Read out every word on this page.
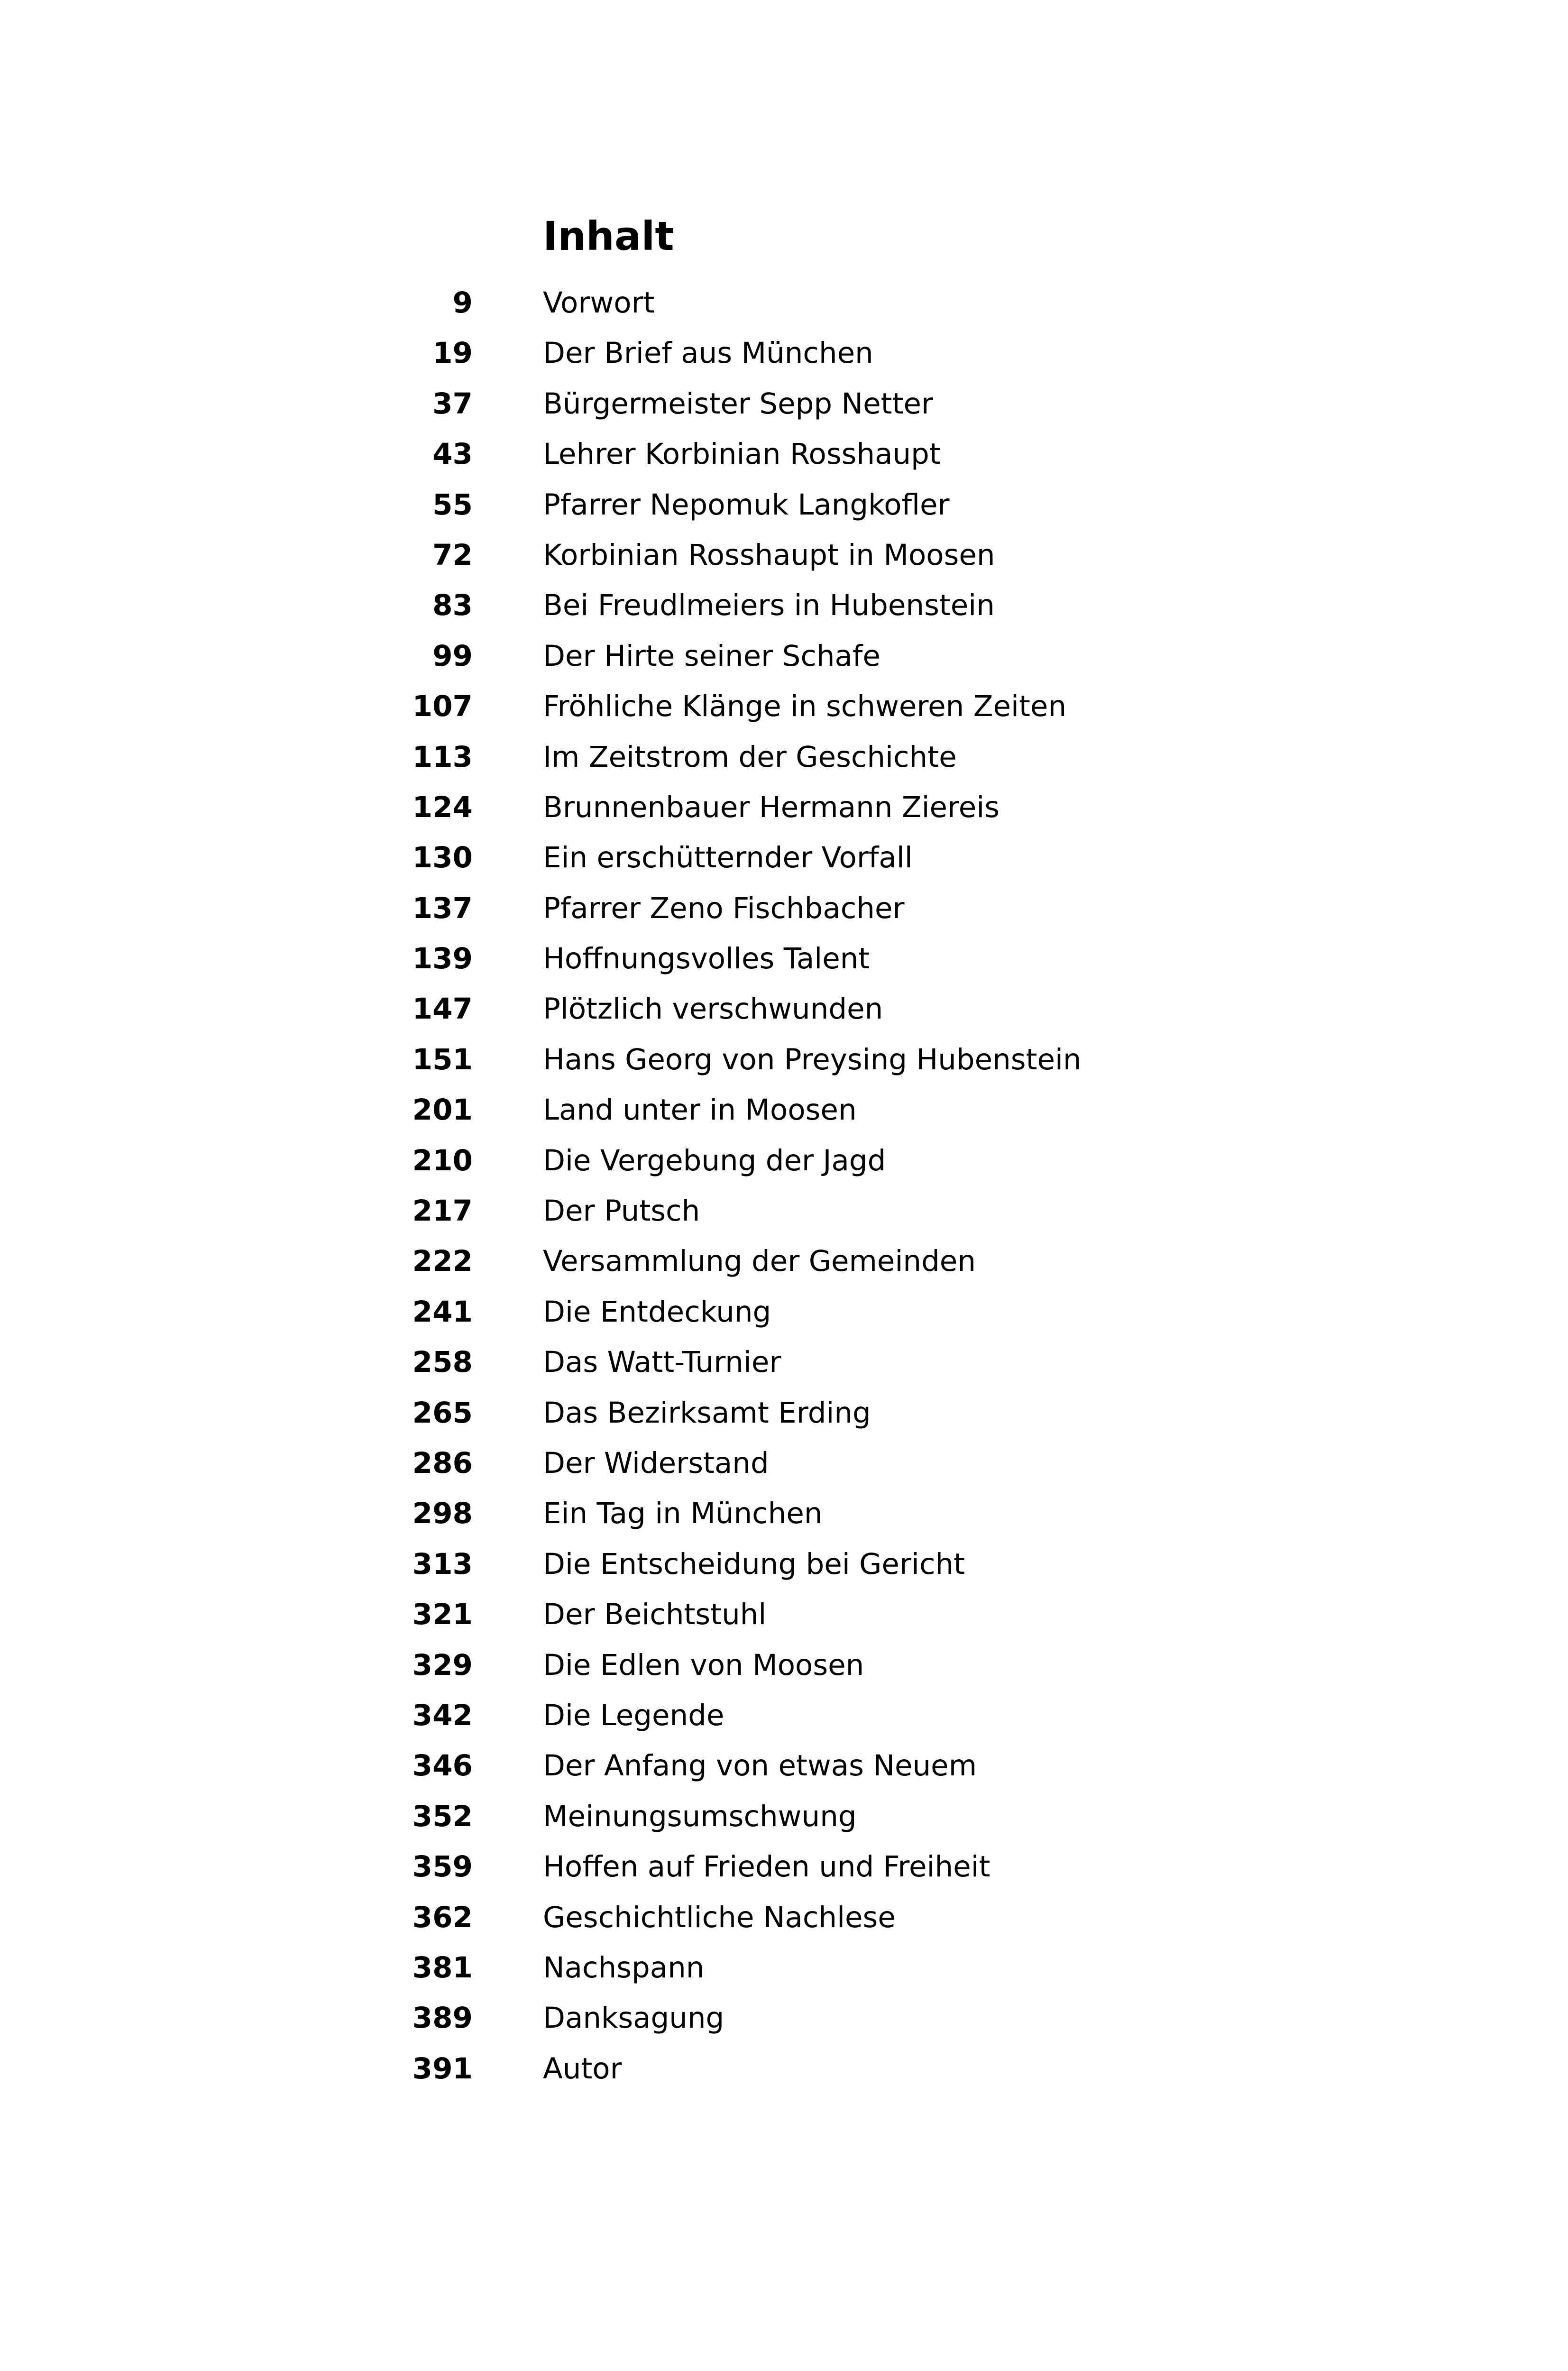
Inhalt
9 Vorwort
19 Der Brief aus München
37 Bürgermeister Sepp Netter
43 Lehrer Korbinian Rosshaupt
55 Pfarrer Nepomuk Langkofler
72 Korbinian Rosshaupt in Moosen
83 Bei Freudlmeiers in Hubenstein
99 Der Hirte seiner Schafe
107 Fröhliche Klänge in schweren Zeiten
113 Im Zeitstrom der Geschichte
124 Brunnenbauer Hermann Ziereis
130 Ein erschütternder Vorfall
137 Pfarrer Zeno Fischbacher
139 Hoffnungsvolles Talent
147 Plötzlich verschwunden
151 Hans Georg von Preysing Hubenstein
201 Land unter in Moosen
210 Die Vergebung der Jagd
217 Der Putsch
222 Versammlung der Gemeinden
241 Die Entdeckung
258 Das Watt-Turnier
265 Das Bezirksamt Erding
286 Der Widerstand
298 Ein Tag in München
313 Die Entscheidung bei Gericht
321 Der Beichtstuhl
329 Die Edlen von Moosen
342 Die Legende
346 Der Anfang von etwas Neuem
352 Meinungsumschwung
359 Hoffen auf Frieden und Freiheit
362 Geschichtliche Nachlese
381 Nachspann
389 Danksagung
391 Autor
